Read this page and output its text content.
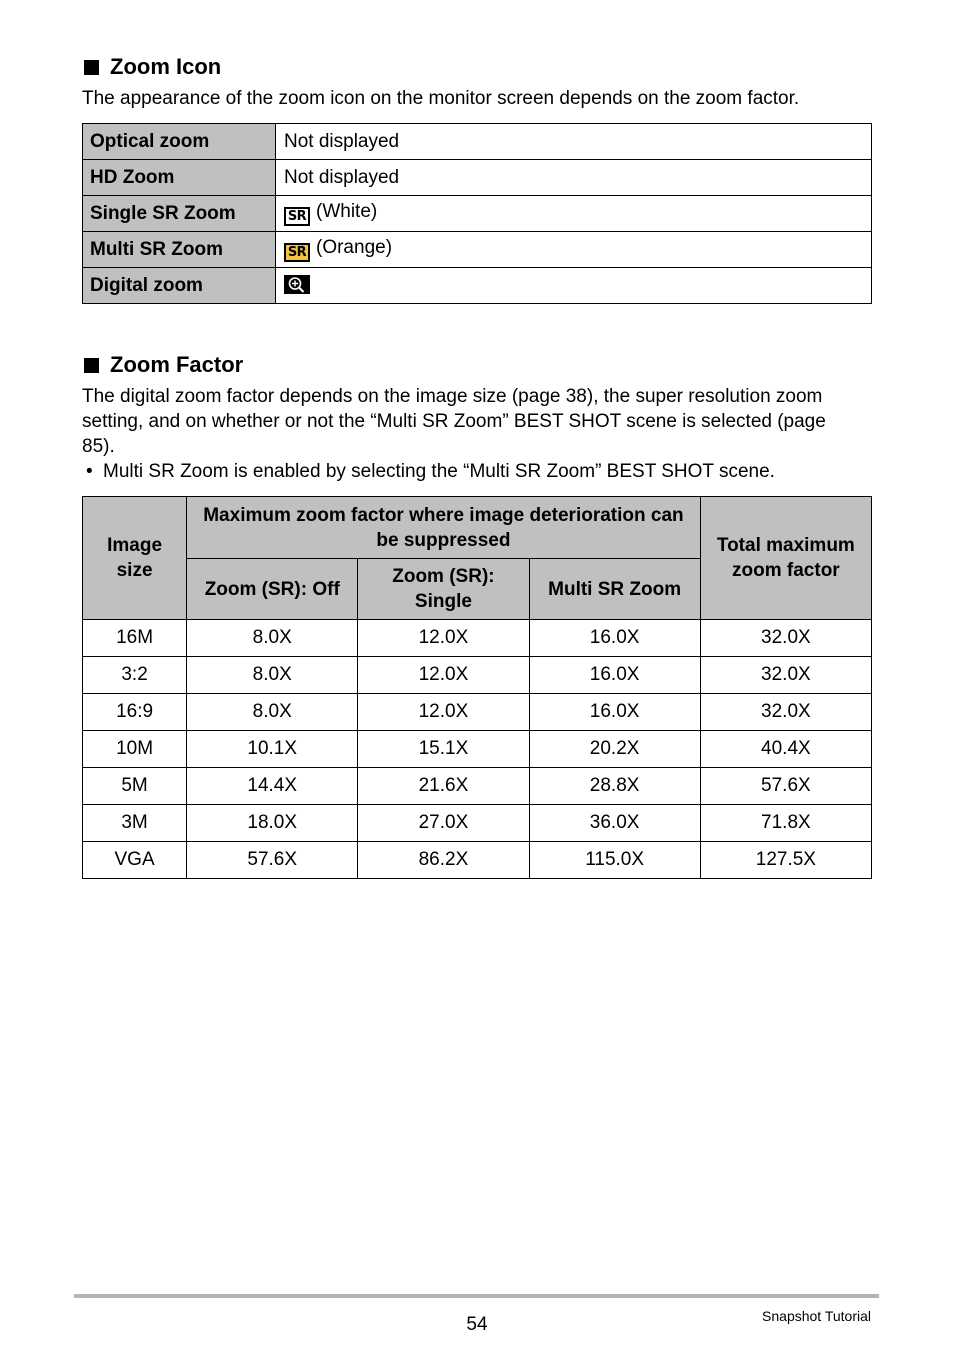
Zoom Icon

The appearance of the zoom icon on the monitor screen depends on the zoom factor.

Optical zoom	Not displayed
HD Zoom	Not displayed
Single SR Zoom	SR (White)
Multi SR Zoom	SR (Orange)
Digital zoom	
Zoom Factor

The digital zoom factor depends on the image size (page 38), the super resolution zoom setting, and on whether or not the “Multi SR Zoom” BEST SHOT scene is selected (page 85).

• Multi SR Zoom is enabled by selecting the “Multi SR Zoom” BEST SHOT scene.
Image size	Maximum zoom factor where image deterioration can be suppressed			Total maximum zoom factor

	Zoom (SR): Off	Zoom (SR): Single	Multi SR Zoom	
16M	8.0X	12.0X	16.0X	32.0X
3:2	8.0X	12.0X	16.0X	32.0X
16:9	8.0X	12.0X	16.0X	32.0X
10M	10.1X	15.1X	20.2X	40.4X
5M	14.4X	21.6X	28.8X	57.6X
3M	18.0X	27.0X	36.0X	71.8X
VGA	57.6X	86.2X	115.0X	127.5X
54	Snapshot Tutorial
